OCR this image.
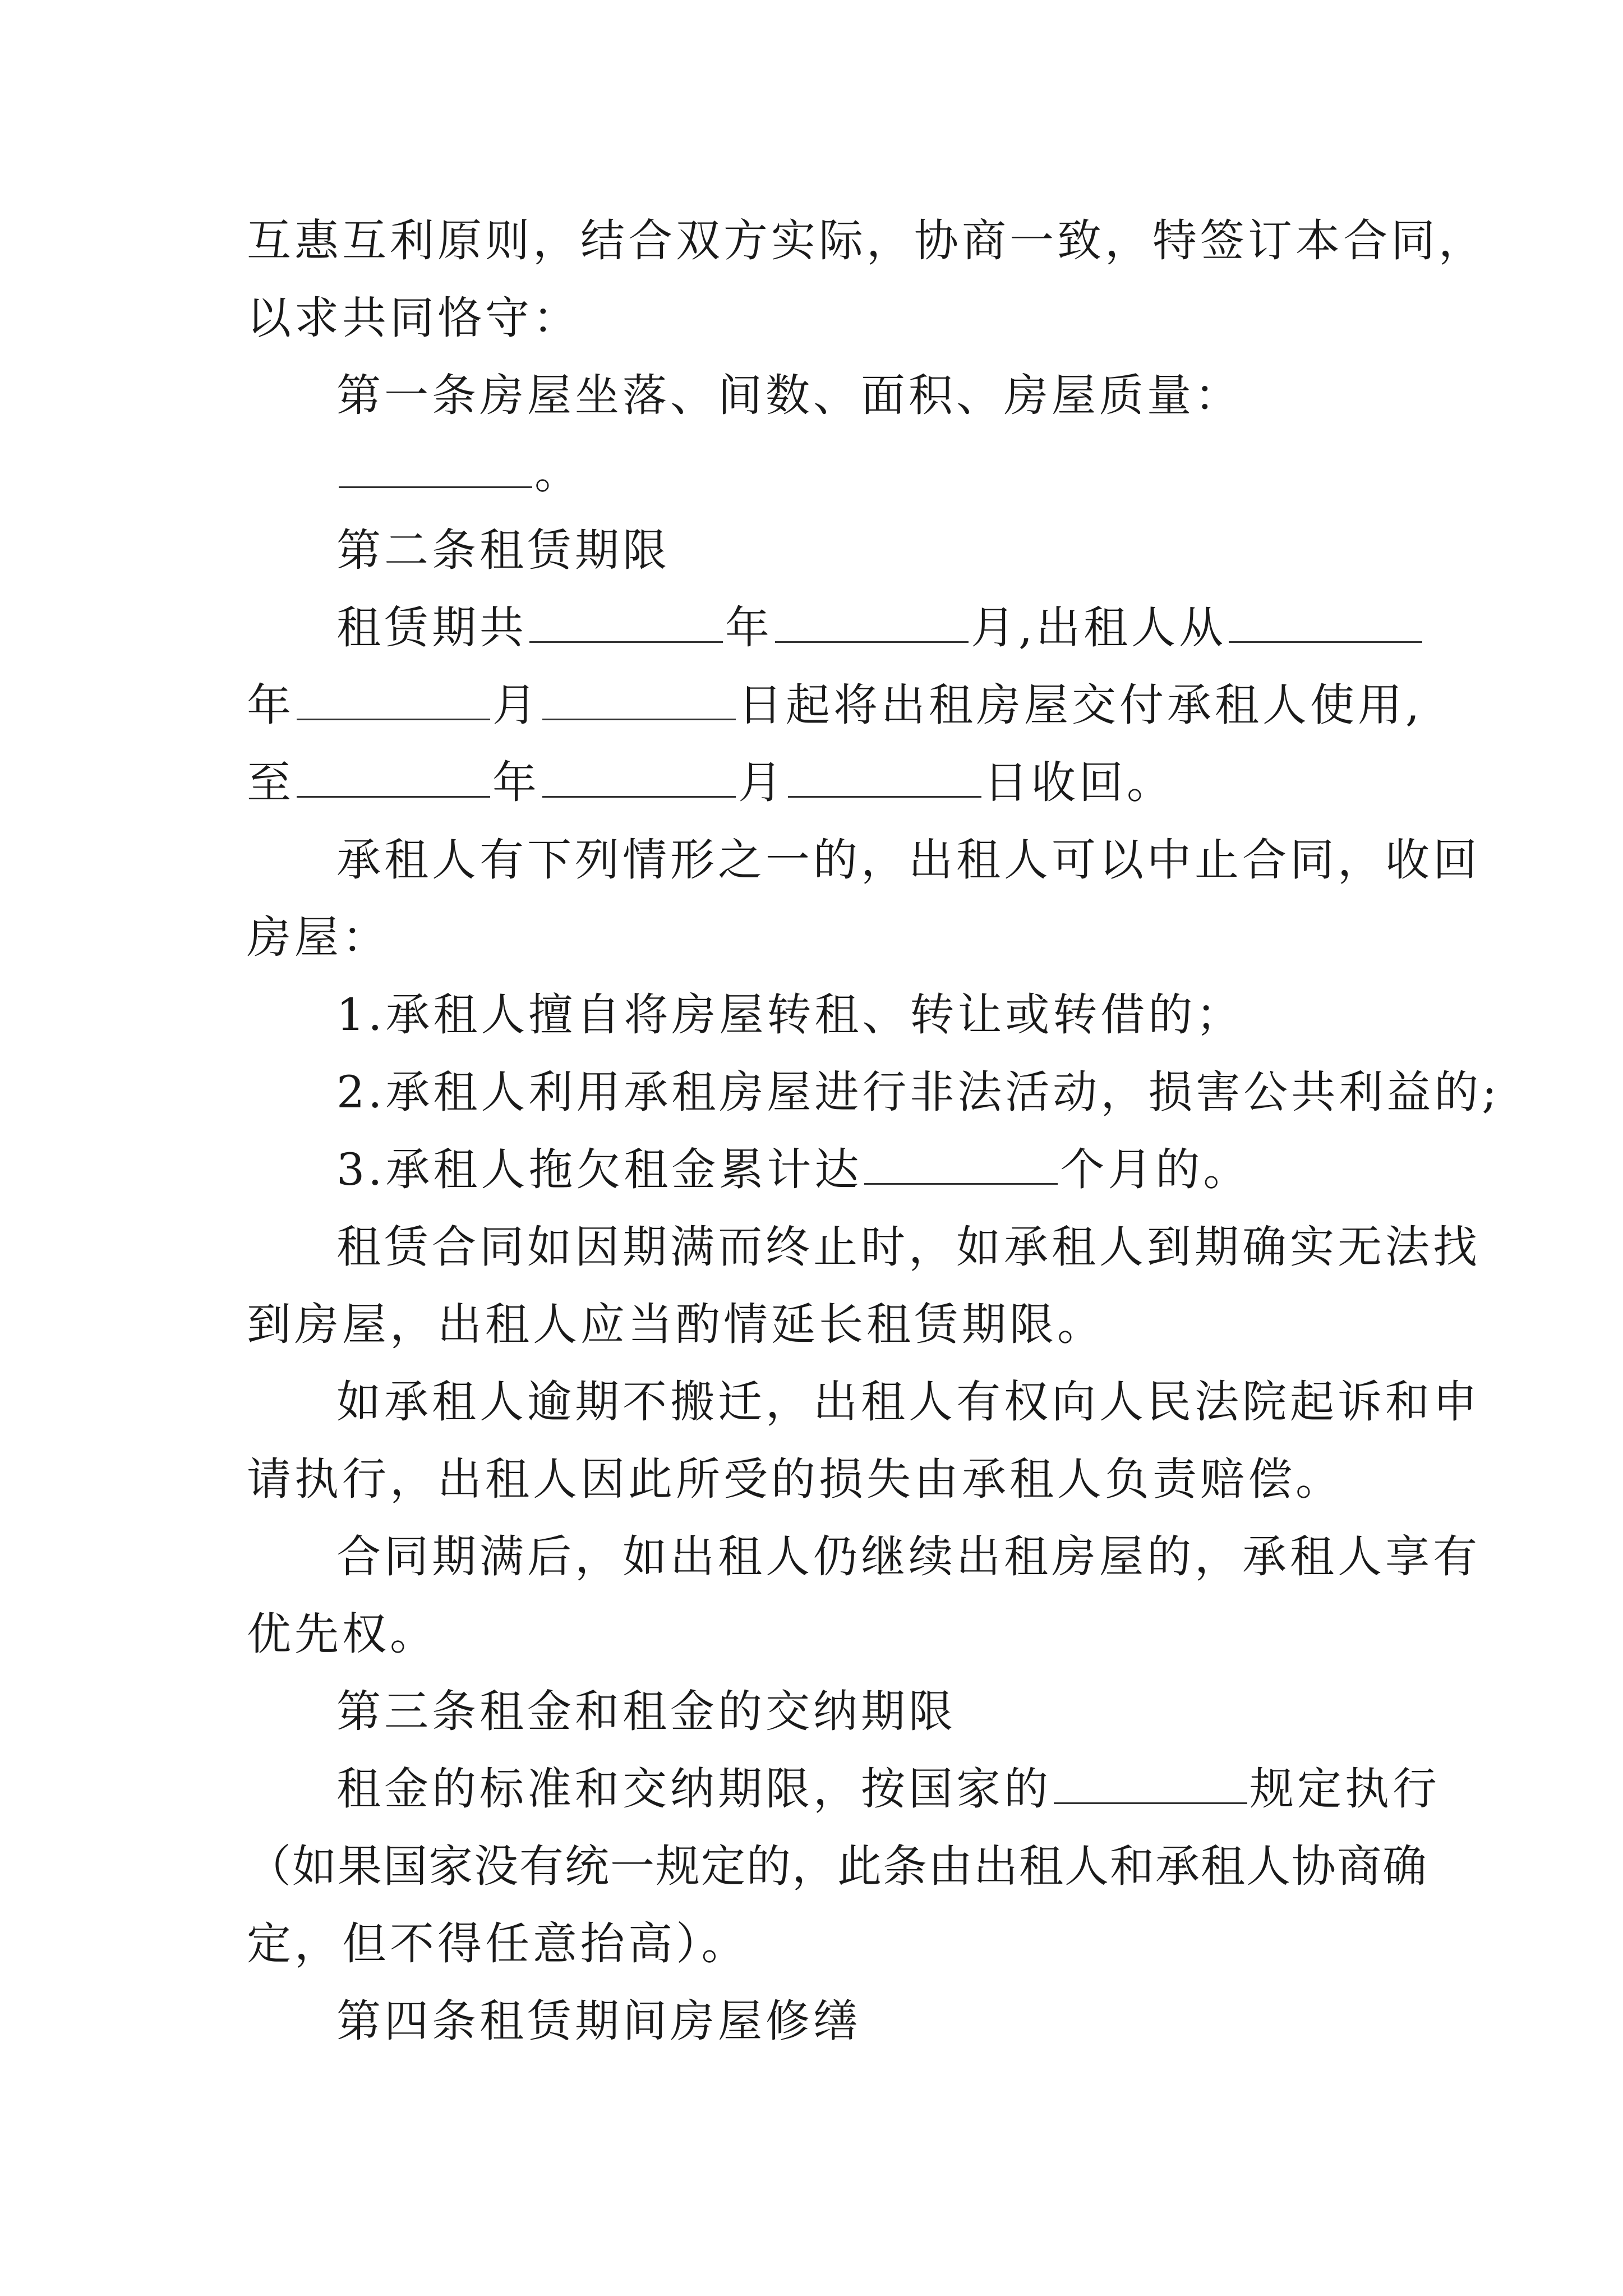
互惠互利原则，结合双方实际，协商一致，特签订本合同，
以求共同恪守：
第一条房屋坐落、间数、面积、房屋质量：
。
第二条租赁期限
租赁期共	年	月,出租人从
年	月	日起将出租房屋交付承租人使用,
至	年	月	日收回。
承租人有下列情形之一的，出租人可以中止合同，收回
房屋：
1.承租人擅自将房屋转租、转让或转借的；
2.承租人利用承租房屋进行非法活动，损害公共利益的;
3.承租人拖欠租金累计达	个月的。
租赁合同如因期满而终止时，如承租人到期确实无法找
到房屋，出租人应当酌情延长租赁期限。
如承租人逾期不搬迁，出租人有权向人民法院起诉和申
请执行，出租人因此所受的损失由承租人负责赔偿。
合同期满后，如出租人仍继续出租房屋的，承租人享有
优先权。
第三条租金和租金的交纳期限
租金的标准和交纳期限，按国家的	规定执行
（如果国家没有统一规定的，此条由出租人和承租人协商确
定，但不得任意抬高）。
第四条租赁期间房屋修缮
